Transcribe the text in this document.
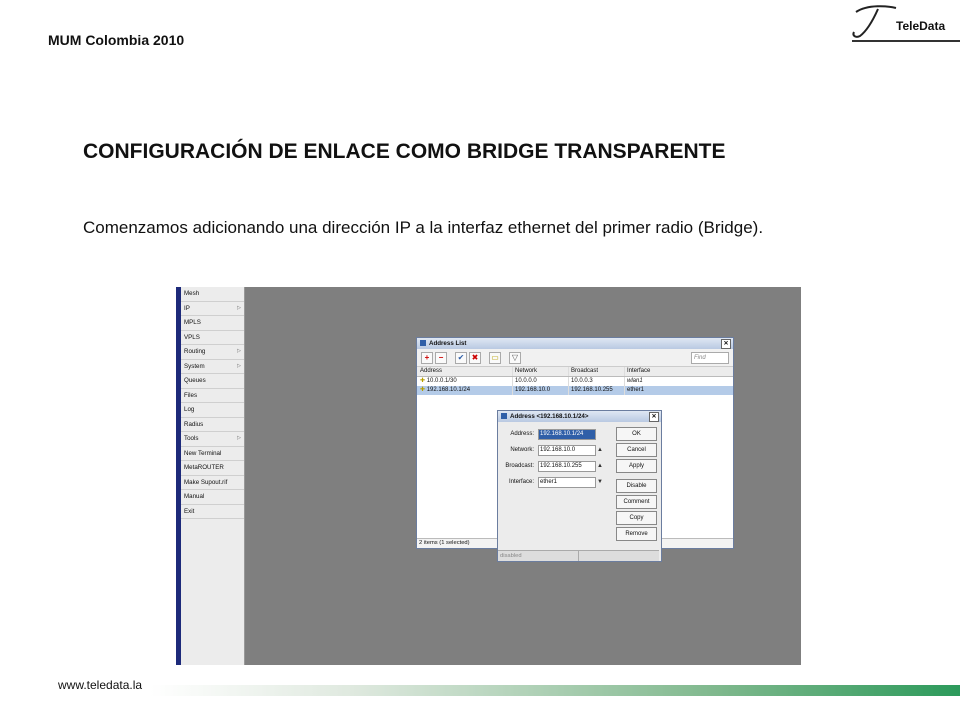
MUM Colombia 2010
TeleData
CONFIGURACIÓN DE ENLACE COMO BRIDGE TRANSPARENTE
Comenzamos adicionando una dirección IP a la interfaz ethernet del primer radio (Bridge).
Mesh
IP	▷
MPLS
VPLS
Routing	▷
System	▷
Queues
Files
Log
Radius
Tools	▷
New Terminal
MetaROUTER
Make Supout.rif
Manual
Exit
Address List	✕
+	−	✔ ✖	▭	▽	Find
Address	Network	Broadcast	Interface
✚ 10.0.0.1/30	10.0.0.0	10.0.0.3	wlan1
✚ 192.168.10.1/24	192.168.10.0	192.168.10.255	ether1
2 items (1 selected)
Address <192.168.10.1/24>	✕
Address:	192.168.10.1/24
Network:	192.168.10.0	▲
Broadcast:	192.168.10.255	▲
Interface:	ether1	▼
OK
Cancel
Apply
Disable
Comment
Copy
Remove
disabled
www.teledata.la
